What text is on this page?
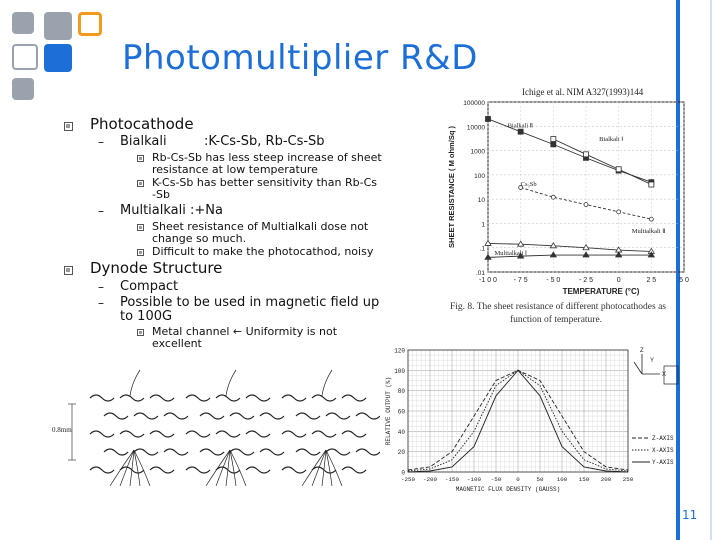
Photomultiplier R&D
Ichige et al. NIM A327(1993)144
Photocathode
– Bialkali	:K-Cs-Sb, Rb-Cs-Sb
Rb-Cs-Sb has less steep increase of sheet
resistance at low temperature
K-Cs-Sb has better sensitivity than Rb-Cs
-Sb
– Multialkali :+Na
Sheet resistance of Multialkali dose not
change so much.
Difficult to make the photocathod, noisy
Dynode Structure
– Compact
– Possible to be used in magnetic field up
to 100G
Metal channel ← Uniformity is not
excellent
100000
10000
1000
100
10
1
.1
.01
-1 0 0 - 7 5	- 5 0	- 2 5	0	2 5	5 0
TEMPERATURE (°C)
SHEET RESISTANCE ( M ohm/Sq )
Bialkali Ⅱ
Bialkali Ⅰ
Cs₃Sb
Multialkali Ⅱ
Multialkali Ⅰ
Fig. 8. The sheet resistance of different photocathodes as
function of temperature.
0.8mm
120
100
80
60
40
20
0
-250 -200 -150 -100 -50	0	50 100 150 200 250
MAGNETIC FLUX DENSITY (GAUSS)
RELATIVE OUTPUT (%)	Z-AXIS
X-AXIS
Y-AXIS
Z
Y
X
11
